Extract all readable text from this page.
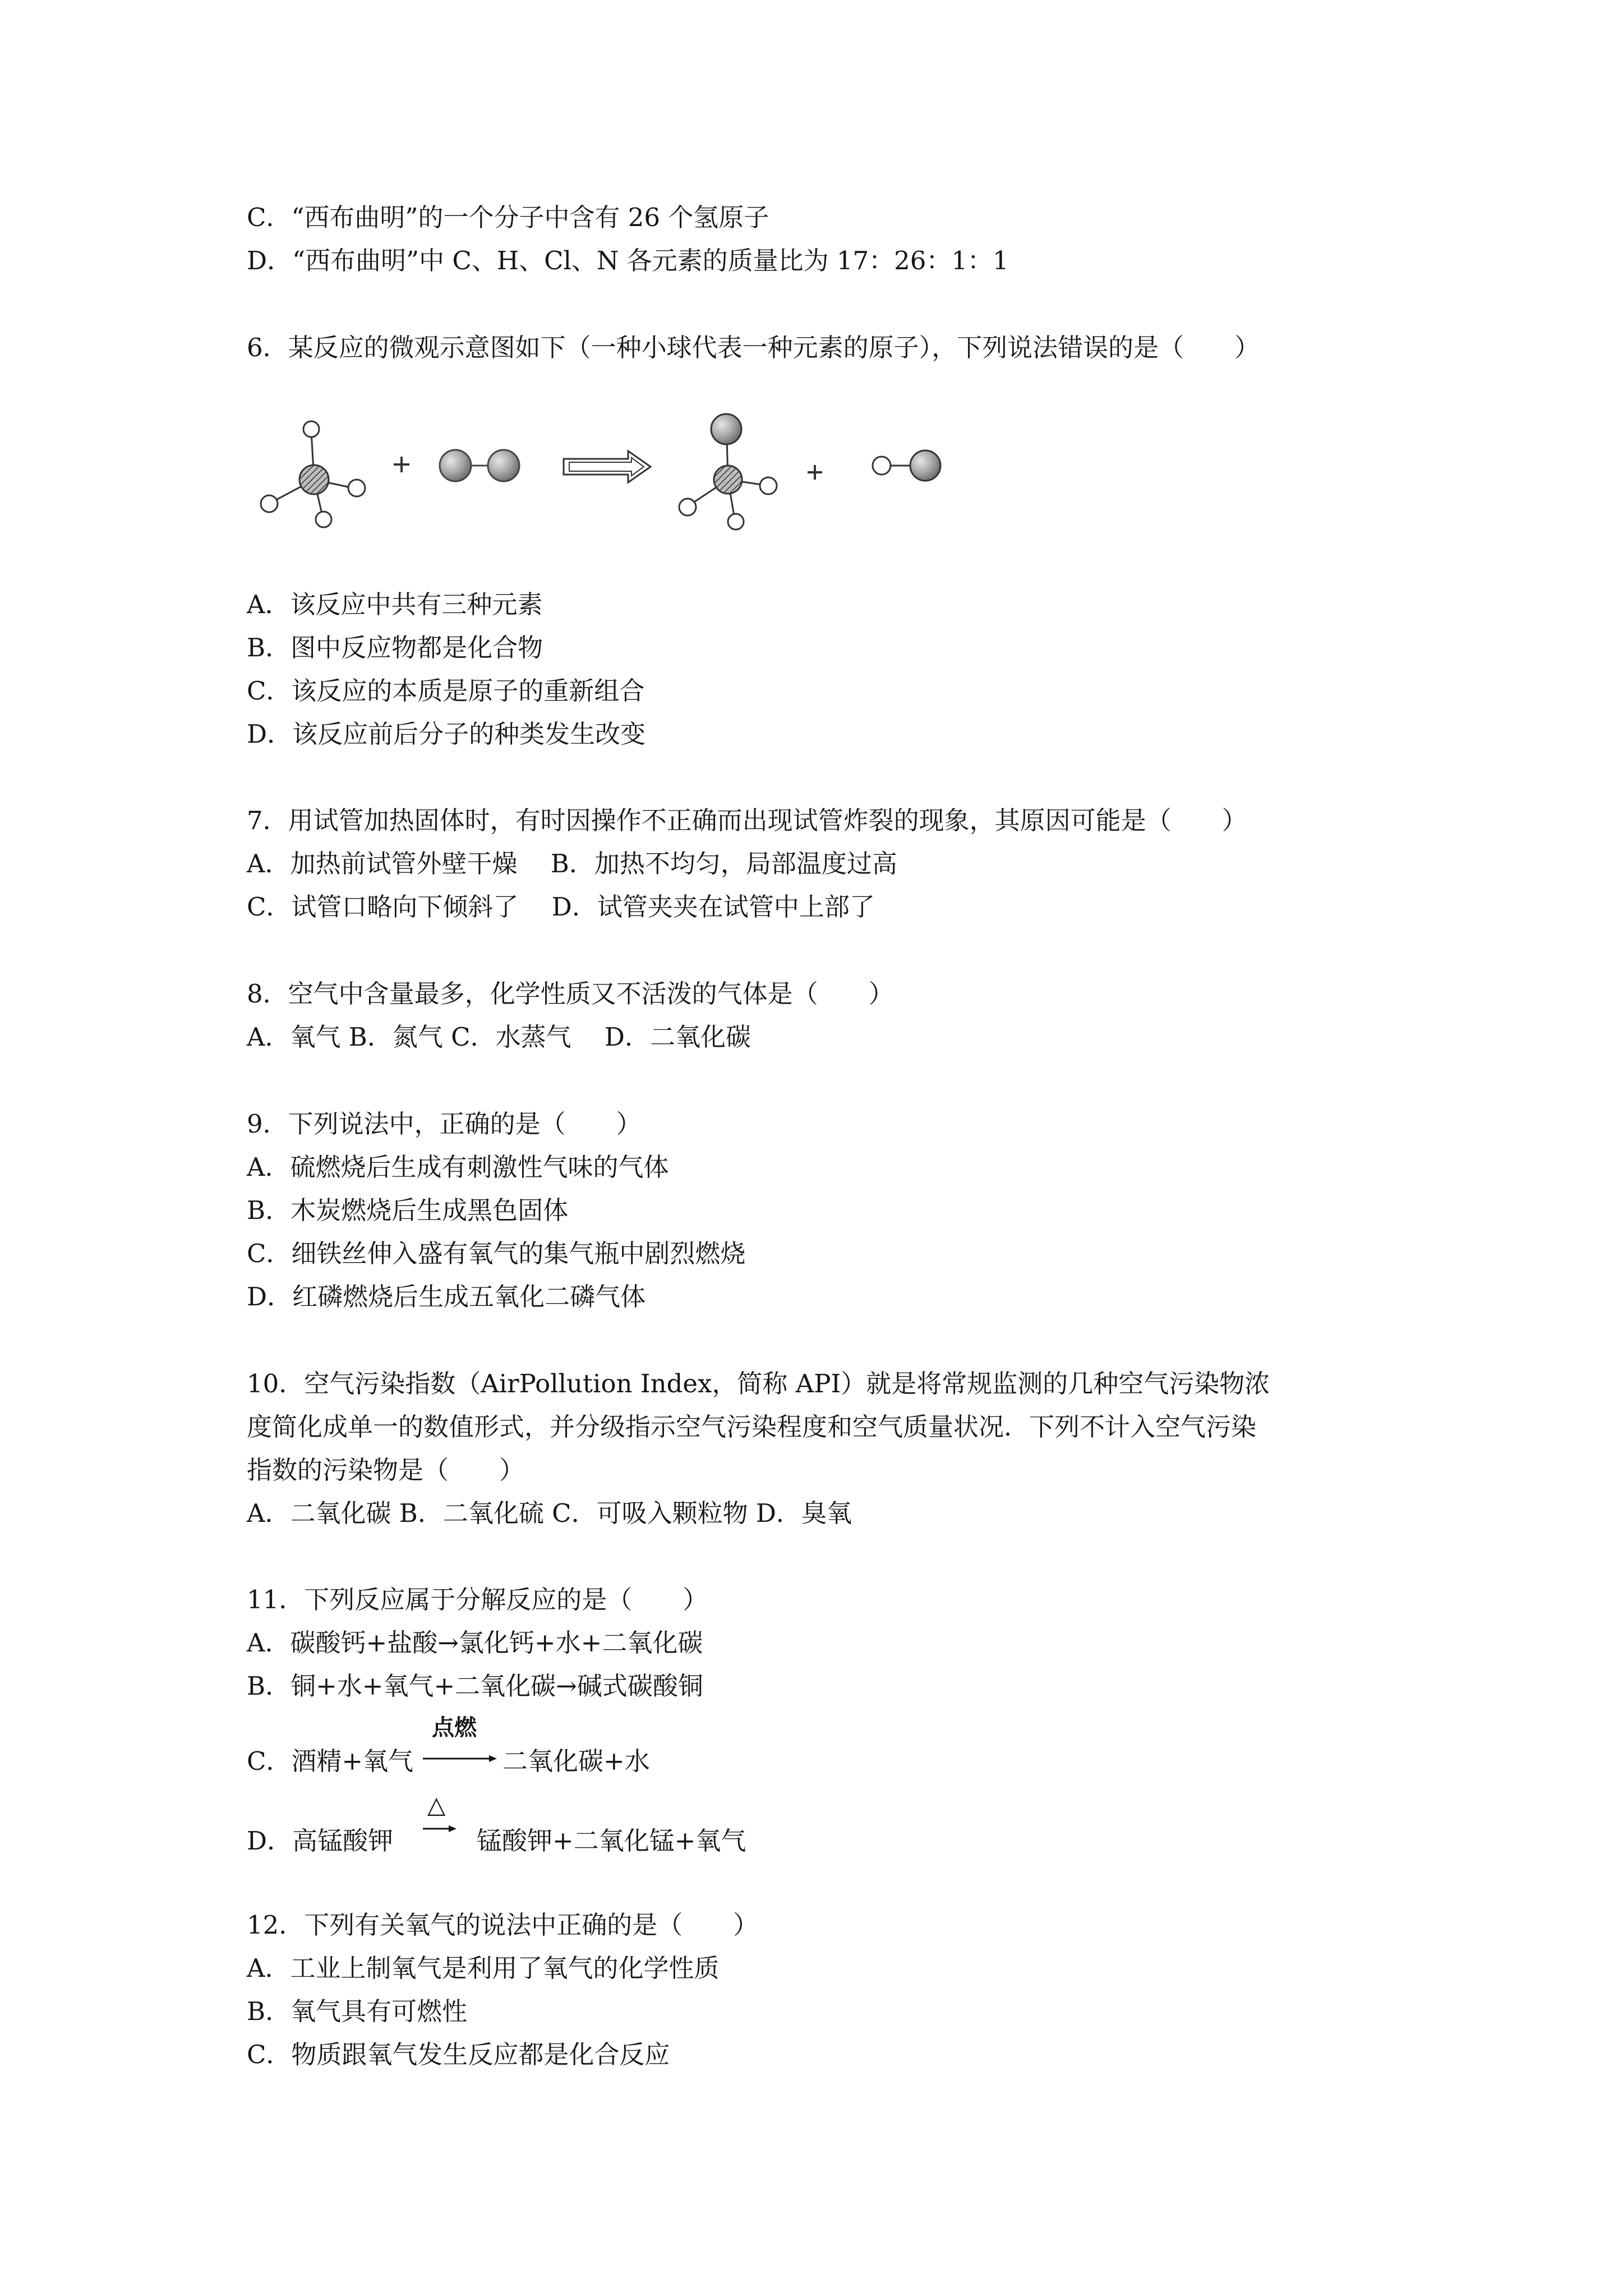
C．“西布曲明”的一个分子中含有 26 个氢原子
D．“西布曲明”中 C、H、Cl、N 各元素的质量比为 17：26：1：1
6．某反应的微观示意图如下（一种小球代表一种元素的原子），下列说法错误的是（　　）
A．该反应中共有三种元素
B．图中反应物都是化合物
C．该反应的本质是原子的重新组合
D．该反应前后分子的种类发生改变
7．用试管加热固体时，有时因操作不正确而出现试管炸裂的现象，其原因可能是（　　）
A．加热前试管外壁干燥　 B．加热不均匀，局部温度过高
C．试管口略向下倾斜了　 D．试管夹夹在试管中上部了
8．空气中含量最多，化学性质又不活泼的气体是（　　）
A．氧气 B．氮气 C．水蒸气　 D．二氧化碳
9．下列说法中，正确的是（　　）
A．硫燃烧后生成有刺激性气味的气体
B．木炭燃烧后生成黑色固体
C．细铁丝伸入盛有氧气的集气瓶中剧烈燃烧
D．红磷燃烧后生成五氧化二磷气体
10．空气污染指数（AirPollution Index，简称 API）就是将常规监测的几种空气污染物浓
度简化成单一的数值形式，并分级指示空气污染程度和空气质量状况．下列不计入空气污染
指数的污染物是（　　）
A．二氧化碳 B．二氧化硫 C．可吸入颗粒物 D．臭氧
11．下列反应属于分解反应的是（　　）
A．碳酸钙+盐酸→氯化钙+水+二氧化碳
B．铜+水+氧气+二氧化碳→碱式碳酸铜
C．酒精+氧气
点燃
二氧化碳+水
D．高锰酸钾
△
锰酸钾+二氧化锰+氧气
12．下列有关氧气的说法中正确的是（　　）
A．工业上制氧气是利用了氧气的化学性质
B．氧气具有可燃性
C．物质跟氧气发生反应都是化合反应
